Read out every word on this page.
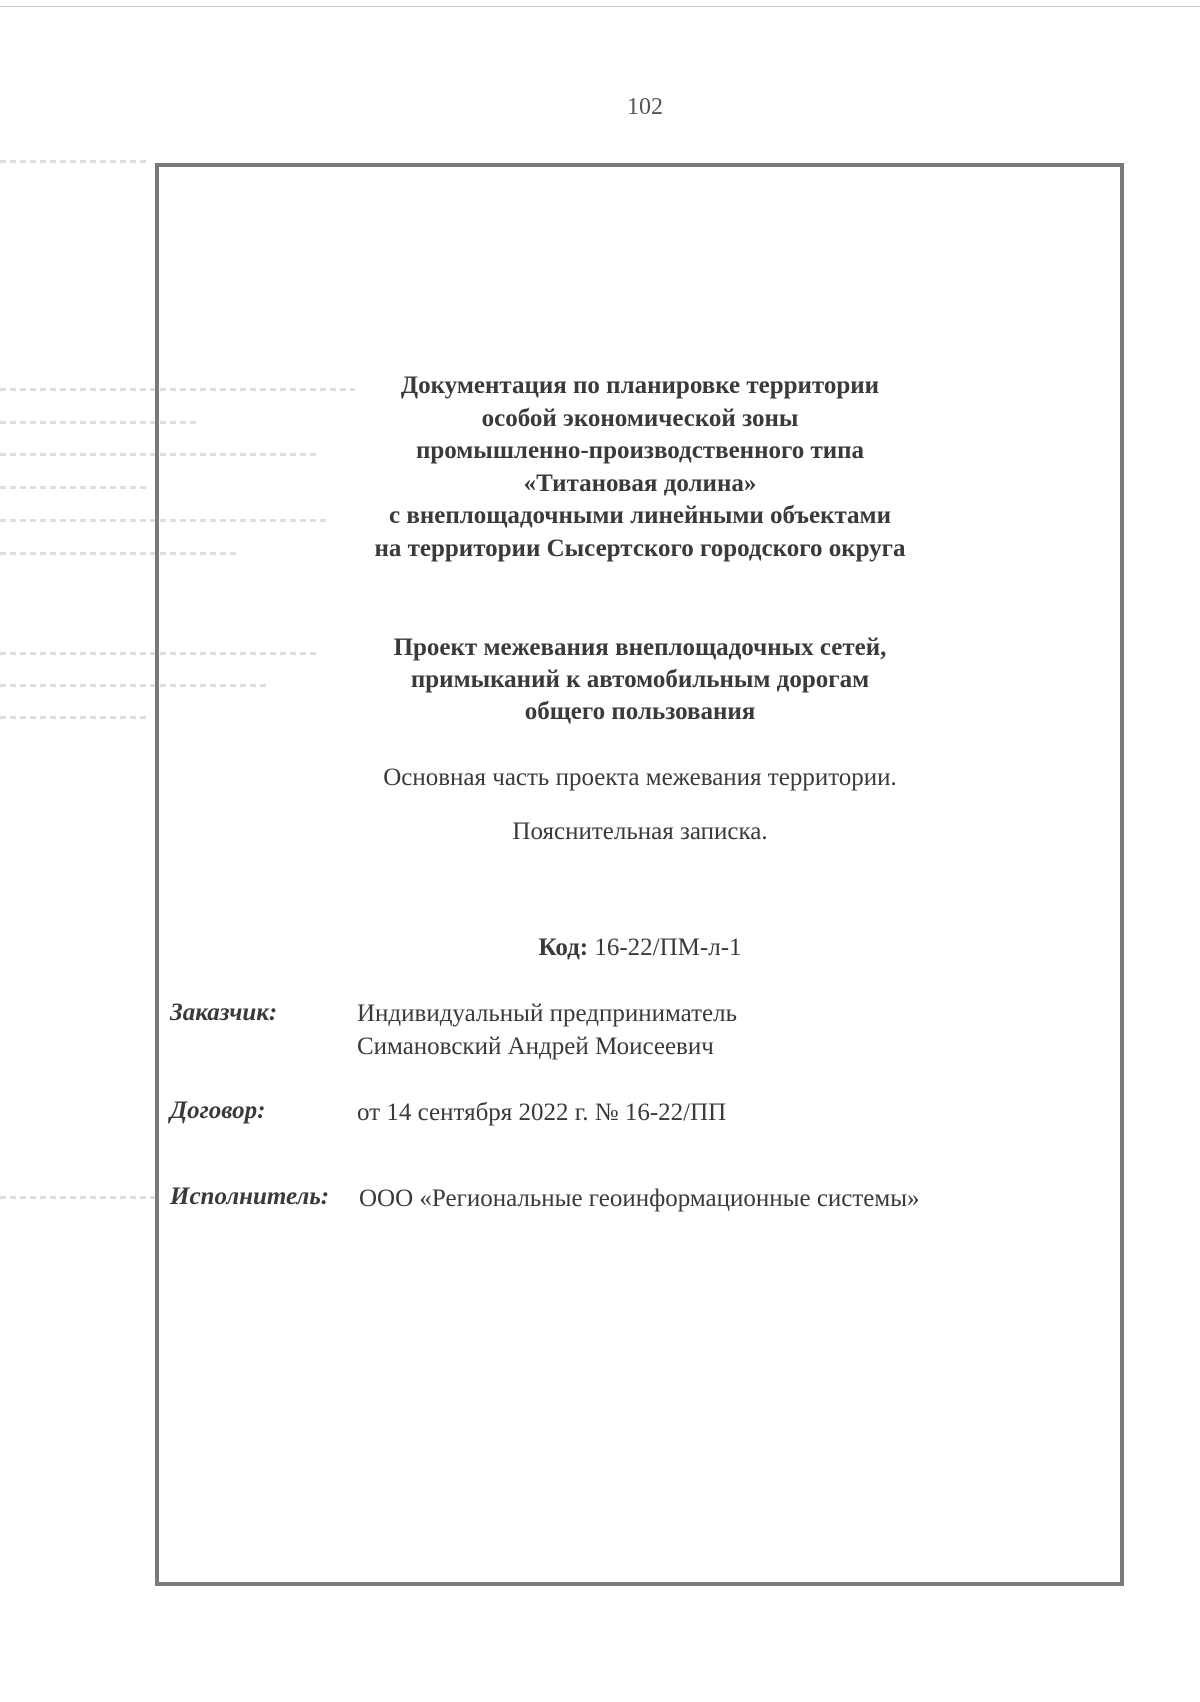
102
Документация по планировке территории
особой экономической зоны
промышленно-производственного типа
«Титановая долина»
с внеплощадочными линейными объектами
на территории Сысертского городского округа
Проект межевания внеплощадочных сетей,
примыканий к автомобильным дорогам
общего пользования
Основная часть проекта межевания территории.
Пояснительная записка.
Код: 16-22/ПМ-л-1
Заказчик:	Индивидуальный предприниматель
Симановский Андрей Моисеевич
Договор:	от 14 сентября 2022 г. № 16-22/ПП
Исполнитель: ООО «Региональные геоинформационные системы»
